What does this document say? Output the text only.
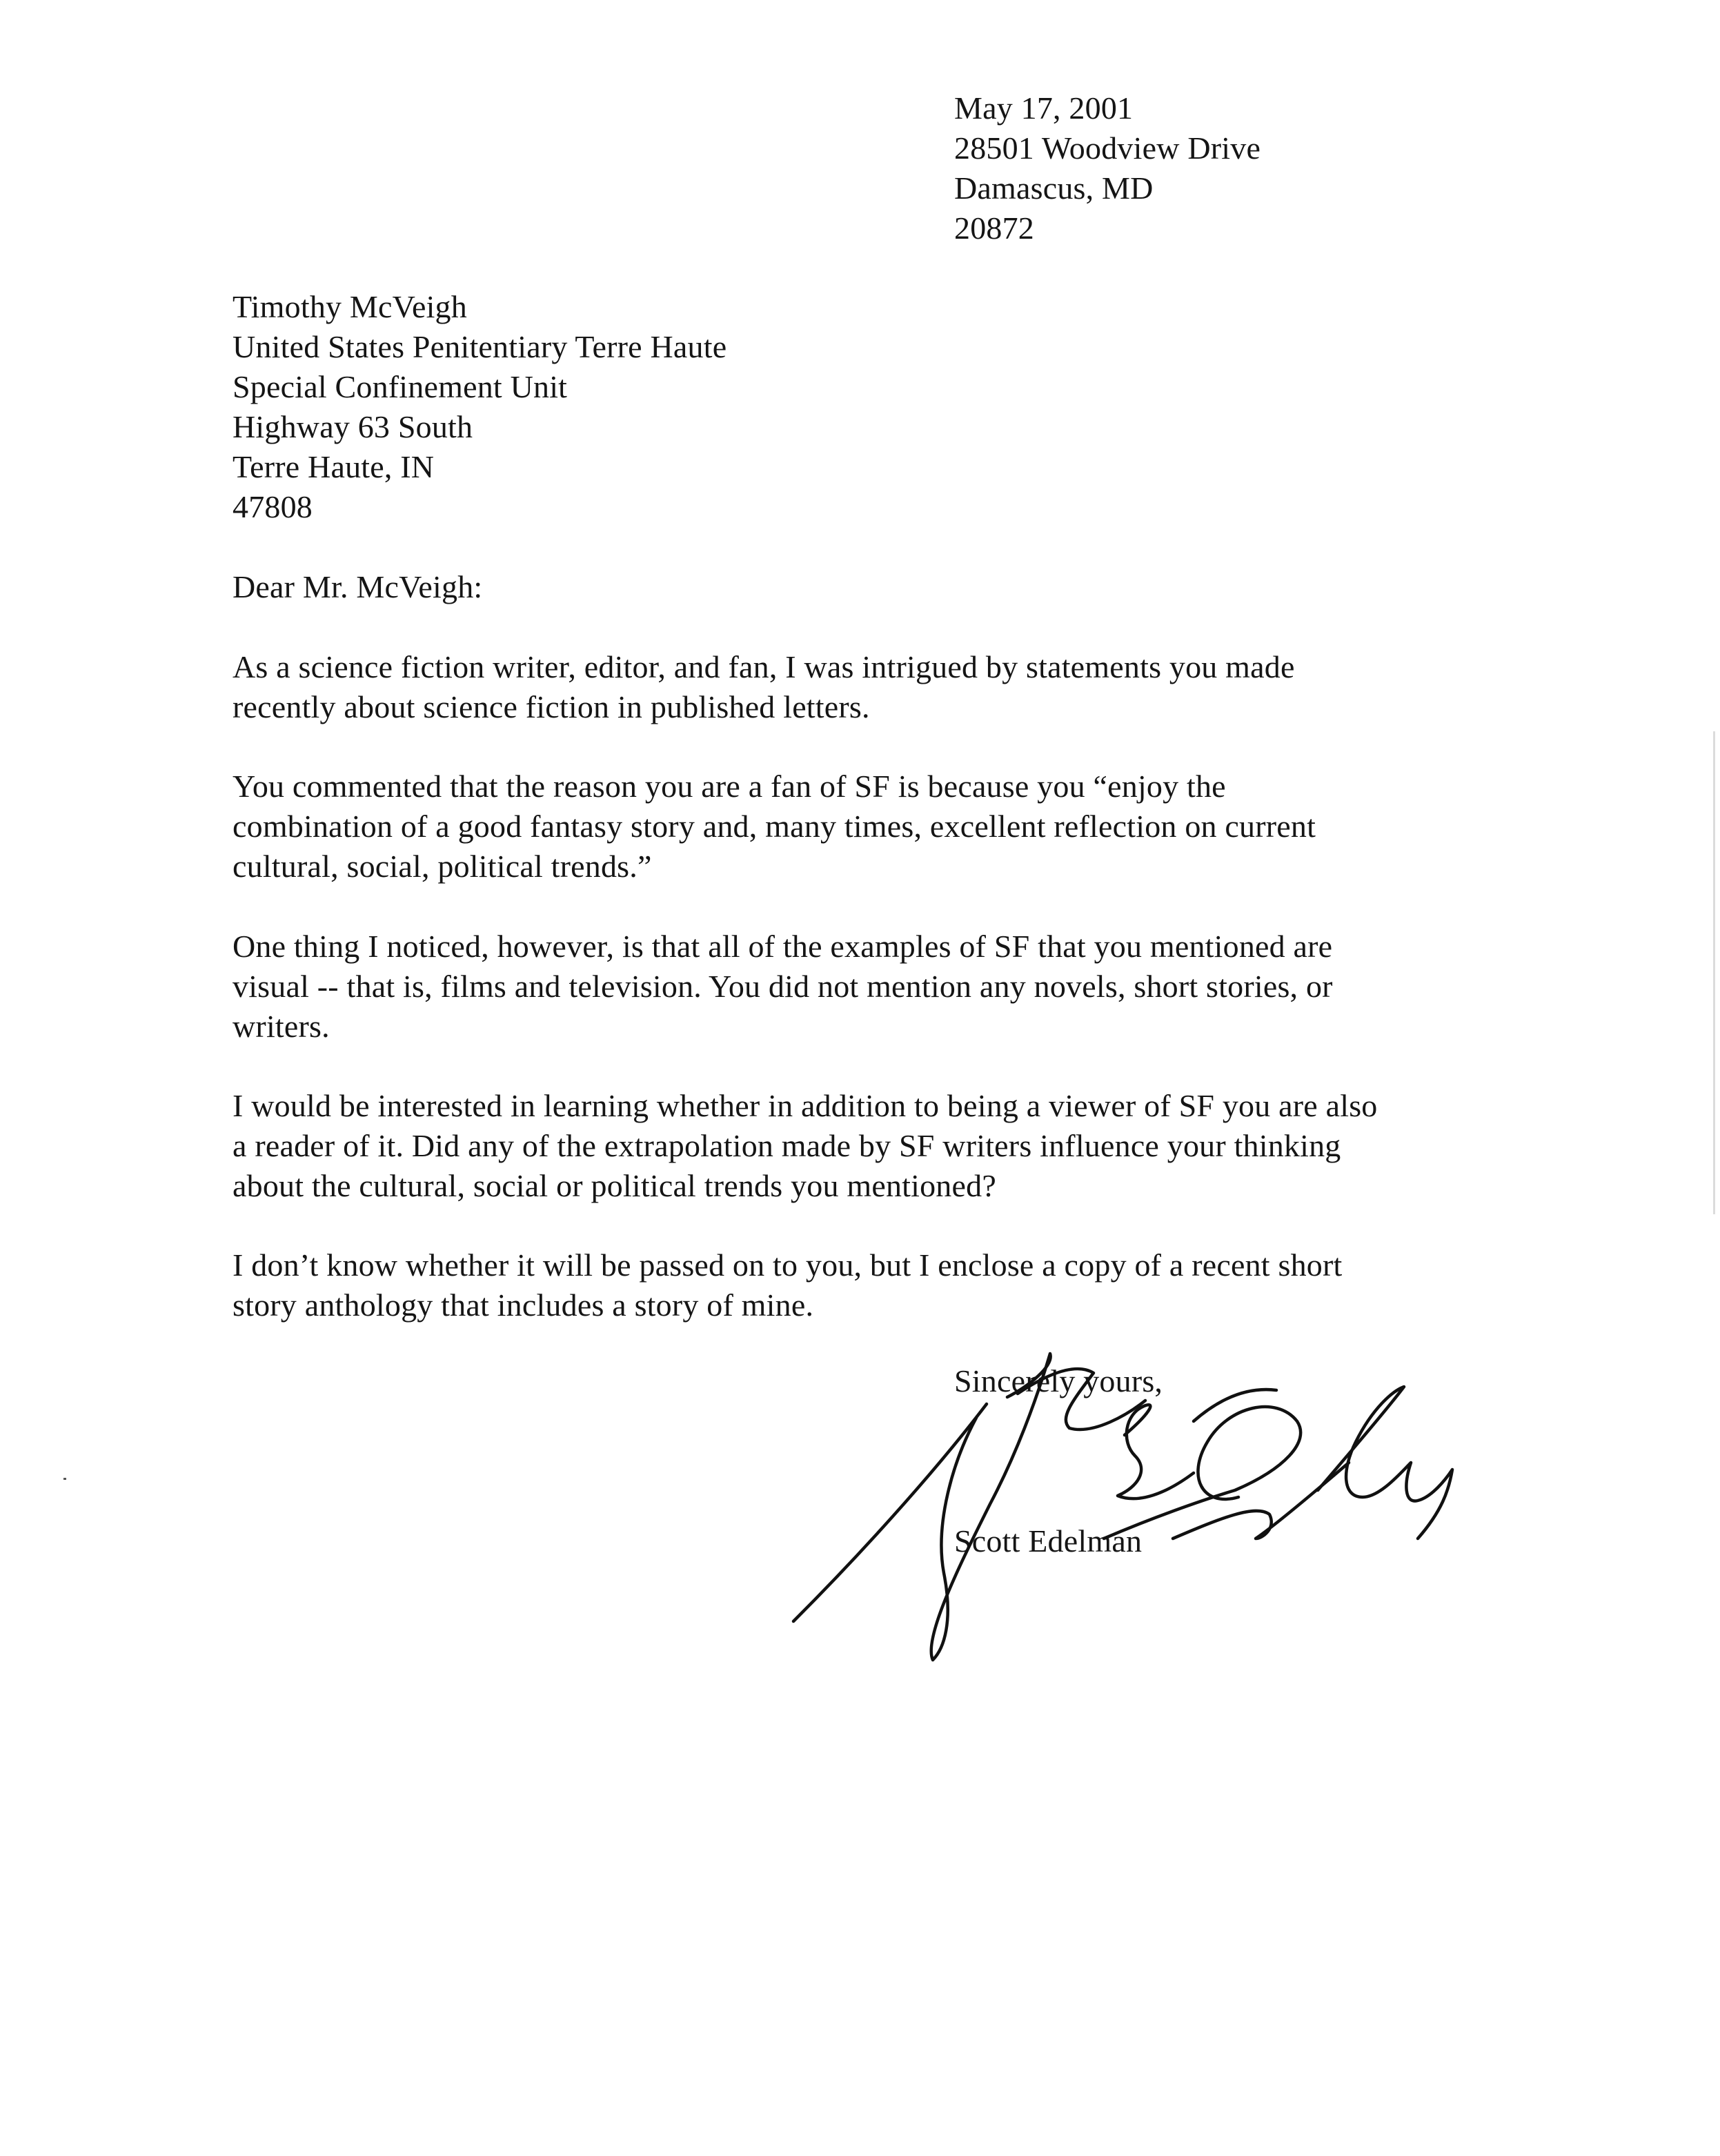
May 17, 2001
28501 Woodview Drive
Damascus, MD
20872
Timothy McVeigh
United States Penitentiary Terre Haute
Special Confinement Unit
Highway 63 South
Terre Haute, IN
47808
Dear Mr. McVeigh:
As a science fiction writer, editor, and fan, I was intrigued by statements you made
recently about science fiction in published letters.
You commented that the reason you are a fan of SF is because you “enjoy the
combination of a good fantasy story and, many times, excellent reflection on current
cultural, social, political trends.”
One thing I noticed, however, is that all of the examples of SF that you mentioned are
visual -- that is, films and television. You did not mention any novels, short stories, or
writers.
I would be interested in learning whether in addition to being a viewer of SF you are also
a reader of it. Did any of the extrapolation made by SF writers influence your thinking
about the cultural, social or political trends you mentioned?
I don’t know whether it will be passed on to you, but I enclose a copy of a recent short
story anthology that includes a story of mine.
Sincerely yours,
Scott Edelman
